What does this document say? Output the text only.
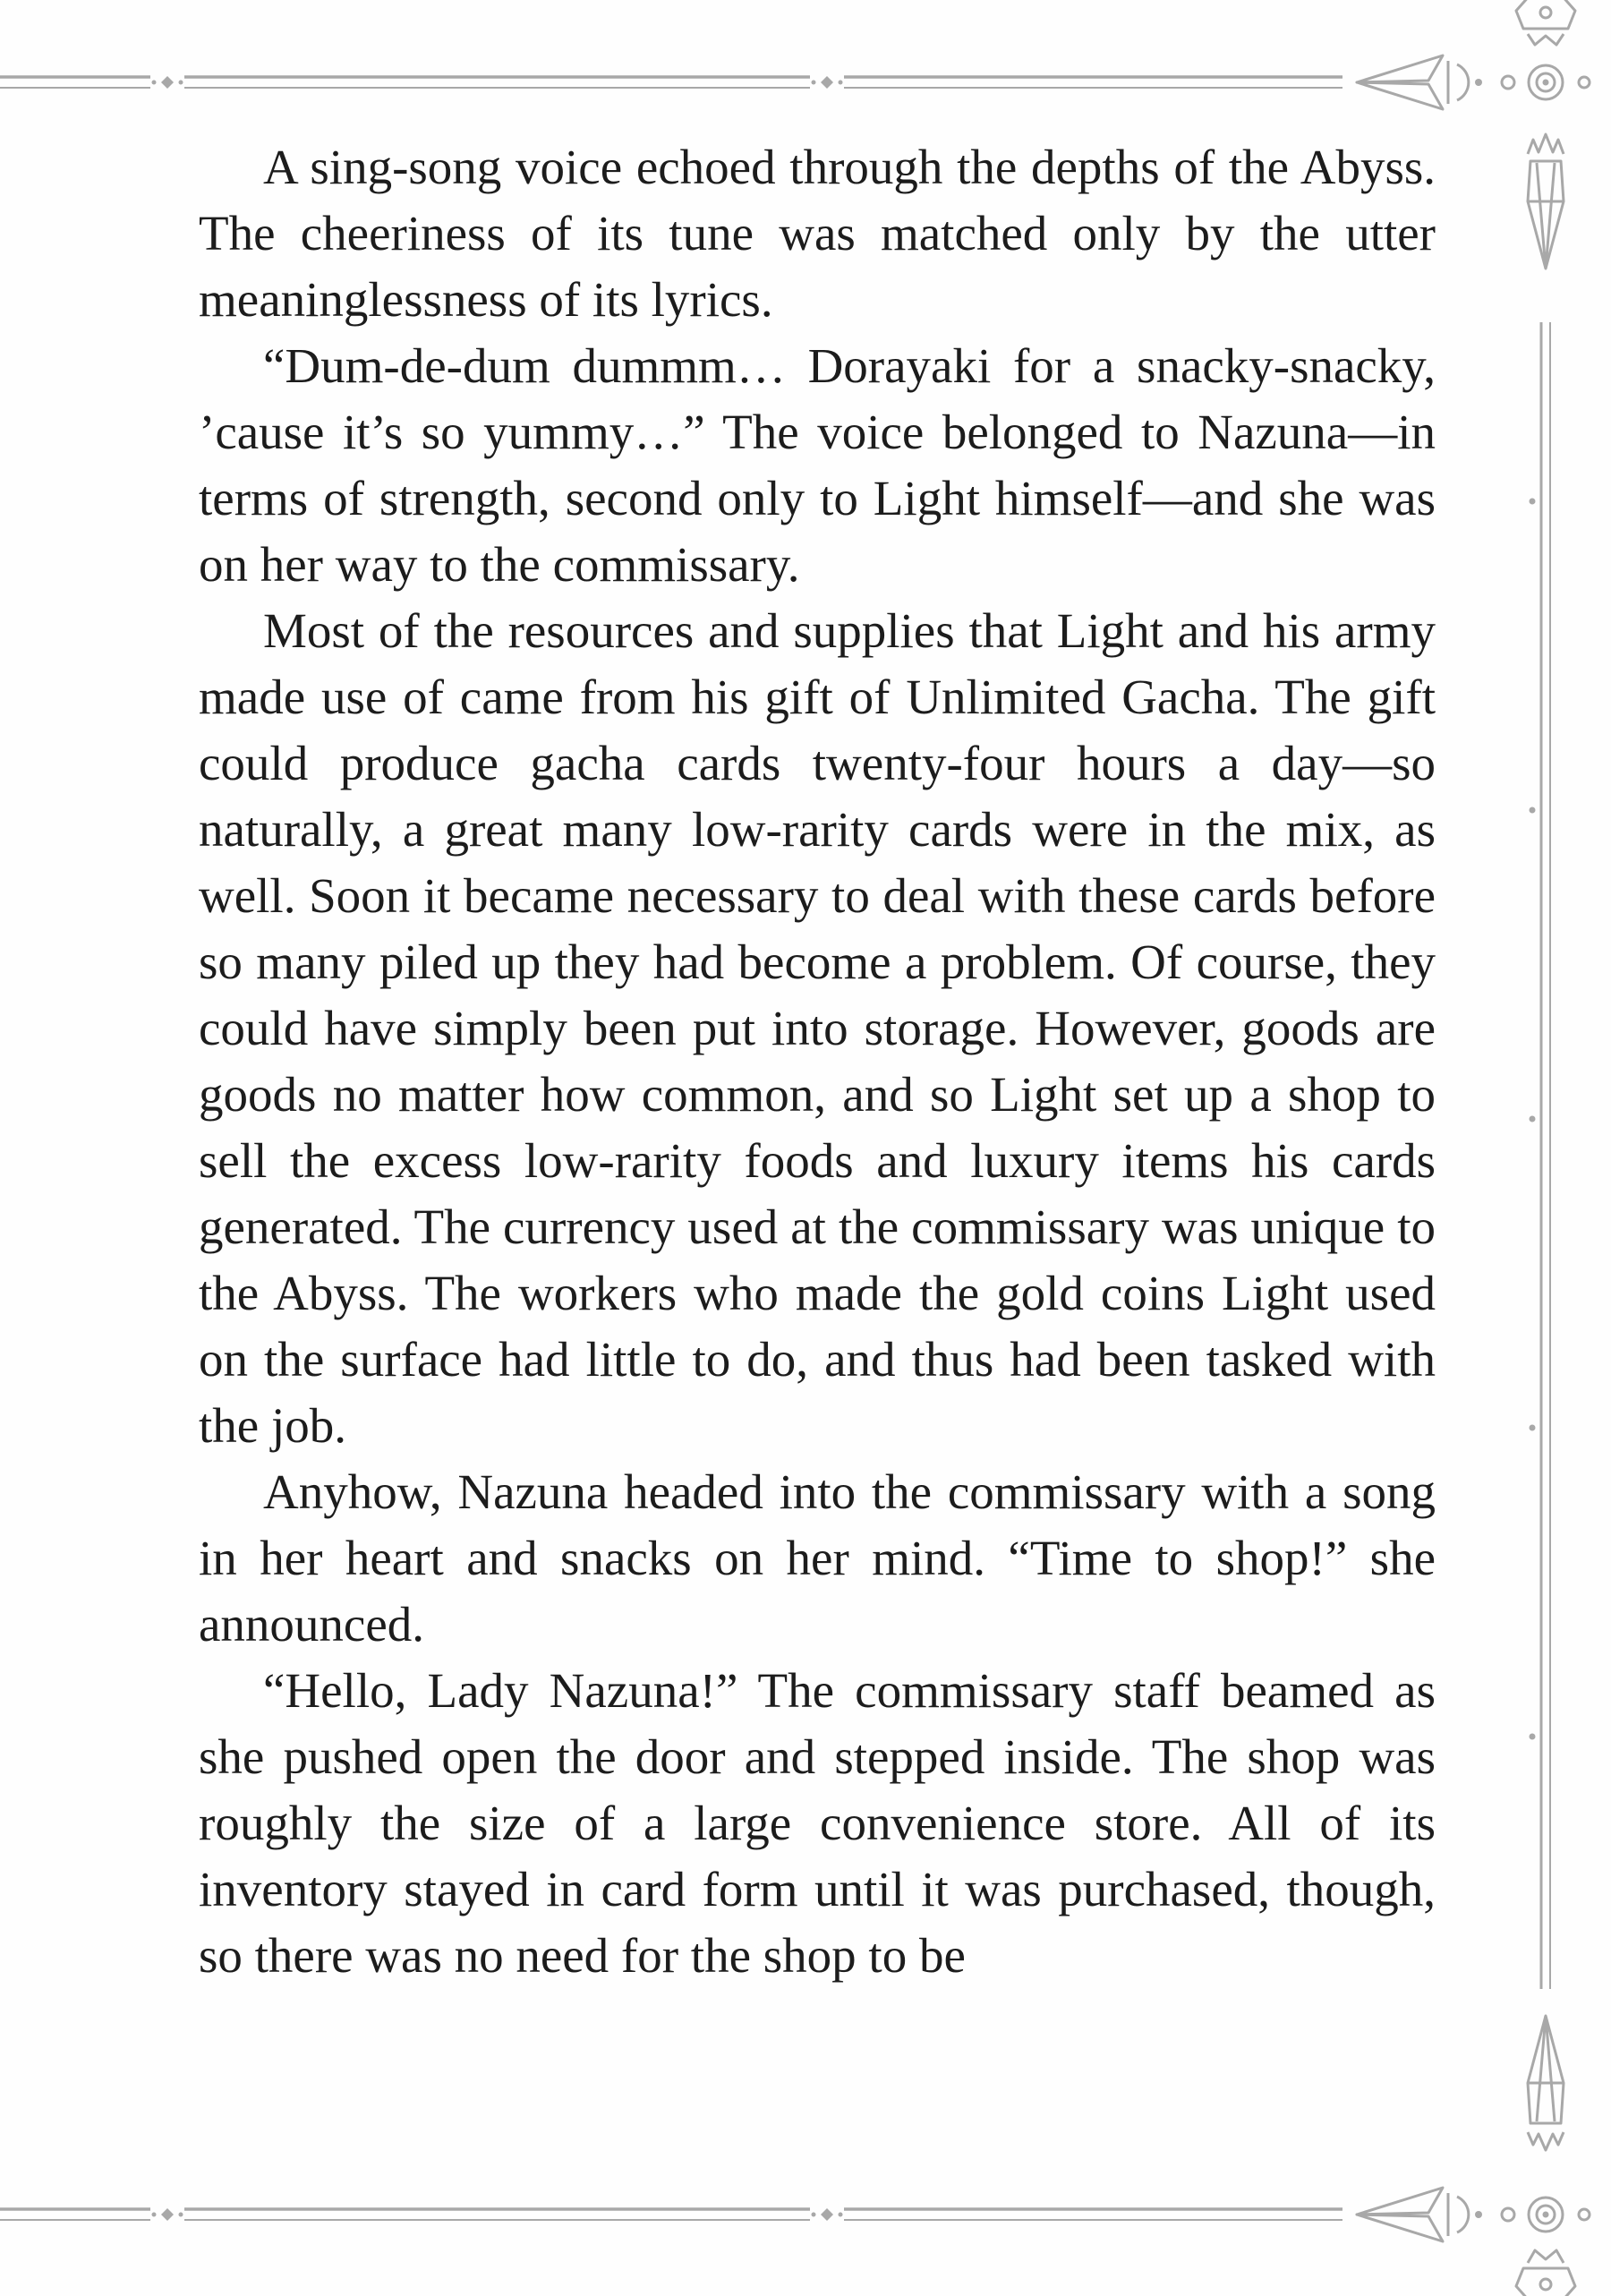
A sing-song voice echoed through the depths of the Abyss. The cheeriness of its tune was matched only by the utter meaninglessness of its lyrics.

“Dum-de-dum dummm… Dorayaki for a snacky-snacky, ’cause it’s so yummy…” The voice belonged to Nazuna—in terms of strength, second only to Light himself—and she was on her way to the commissary.

Most of the resources and supplies that Light and his army made use of came from his gift of Unlimited Gacha. The gift could produce gacha cards twenty-four hours a day—so naturally, a great many low-rarity cards were in the mix, as well. Soon it became necessary to deal with these cards before so many piled up they had become a problem. Of course, they could have simply been put into storage. However, goods are goods no matter how common, and so Light set up a shop to sell the excess low-rarity foods and luxury items his cards generated. The currency used at the commissary was unique to the Abyss. The workers who made the gold coins Light used on the surface had little to do, and thus had been tasked with the job.

Anyhow, Nazuna headed into the commissary with a song in her heart and snacks on her mind. “Time to shop!” she announced.

“Hello, Lady Nazuna!” The commissary staff beamed as she pushed open the door and stepped inside. The shop was roughly the size of a large convenience store. All of its inventory stayed in card form until it was purchased, though, so there was no need for the shop to be
